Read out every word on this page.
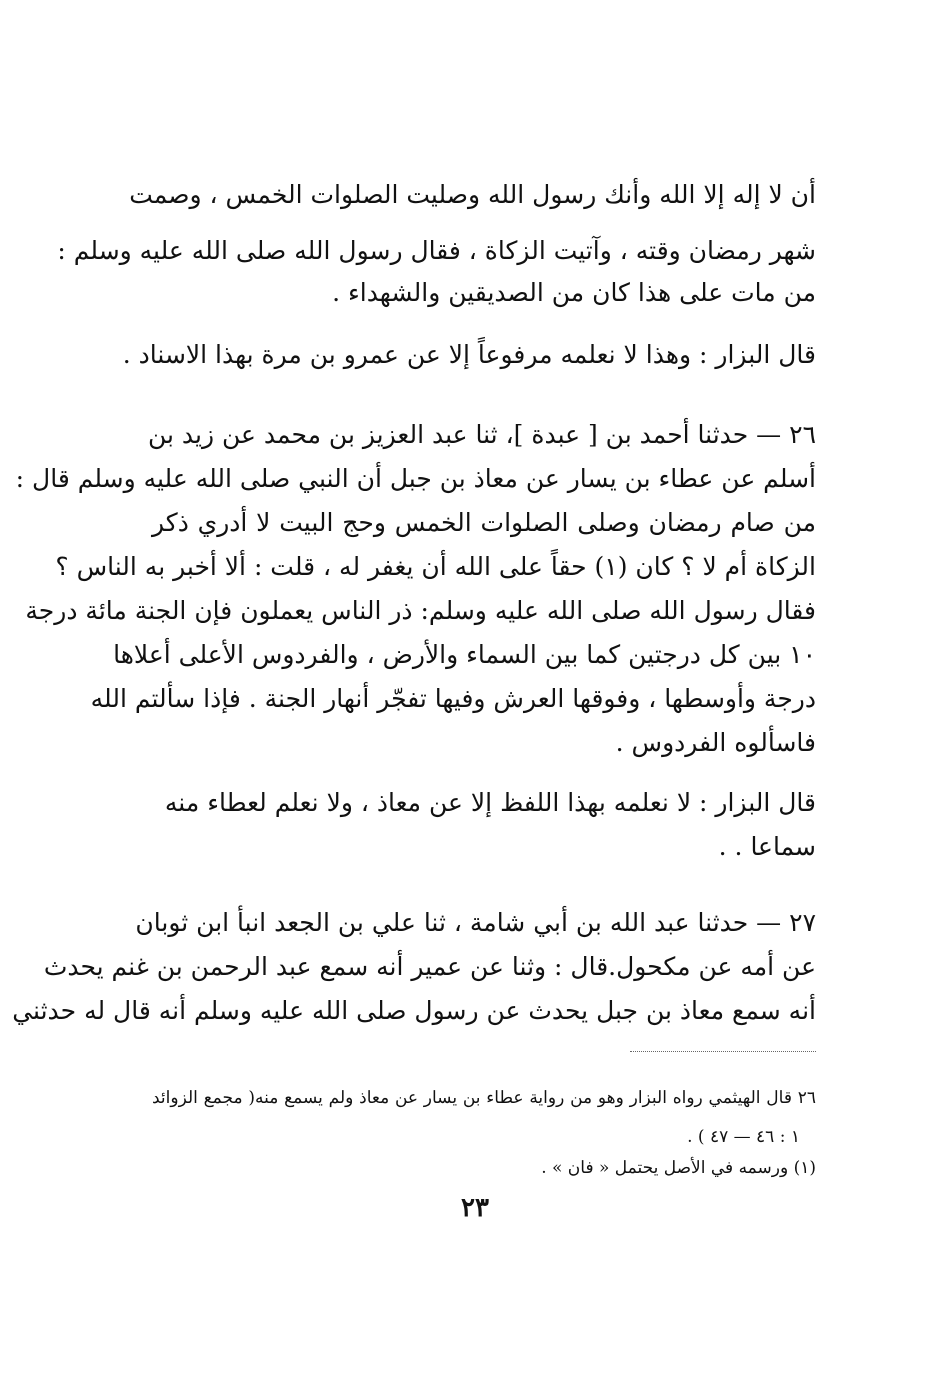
أن لا إله إلا الله وأنك رسول الله وصليت الصلوات الخمس ، وصمت
شهر رمضان وقته ، وآتيت الزكاة ، فقال رسول الله صلى الله عليه وسلم :
من مات على هذا كان من الصديقين والشهداء .
قال البزار : وهذا لا نعلمه مرفوعاً إلا عن عمرو بن مرة بهذا الاسناد .
٢٦ — حدثنا أحمد بن [ عبدة ]، ثنا عبد العزيز بن محمد عن زيد بن
أسلم عن عطاء بن يسار عن معاذ بن جبل أن النبي صلى الله عليه وسلم قال :
من صام رمضان وصلى الصلوات الخمس وحج البيت لا أدري ذكر
الزكاة أم لا ؟ كان (١) حقاً على الله أن يغفر له ، قلت : ألا أخبر به الناس ؟
فقال رسول الله صلى الله عليه وسلم: ذر الناس يعملون فإن الجنة مائة درجة
١٠ بين كل درجتين كما بين السماء والأرض ، والفردوس الأعلى أعلاها
درجة وأوسطها ، وفوقها العرش وفيها تفجّر أنهار الجنة . فإذا سألتم الله
فاسألوه الفردوس .
قال البزار : لا نعلمه بهذا اللفظ إلا عن معاذ ، ولا نعلم لعطاء منه
سماعا . .
٢٧ — حدثنا عبد الله بن أبي شامة ، ثنا علي بن الجعد انبأ ابن ثوبان
عن أمه عن مكحول.قال : وثنا عن عمير أنه سمع عبد الرحمن بن غنم يحدث
أنه سمع معاذ بن جبل يحدث عن رسول صلى الله عليه وسلم أنه قال له حدثني
٢٦ قال الهيثمي رواه البزار وهو من رواية عطاء بن يسار عن معاذ ولم يسمع منه( مجمع الزوائد
١ : ٤٦ — ٤٧ ) .
(١) ورسمه في الأصل يحتمل « فان » .
٢٣
